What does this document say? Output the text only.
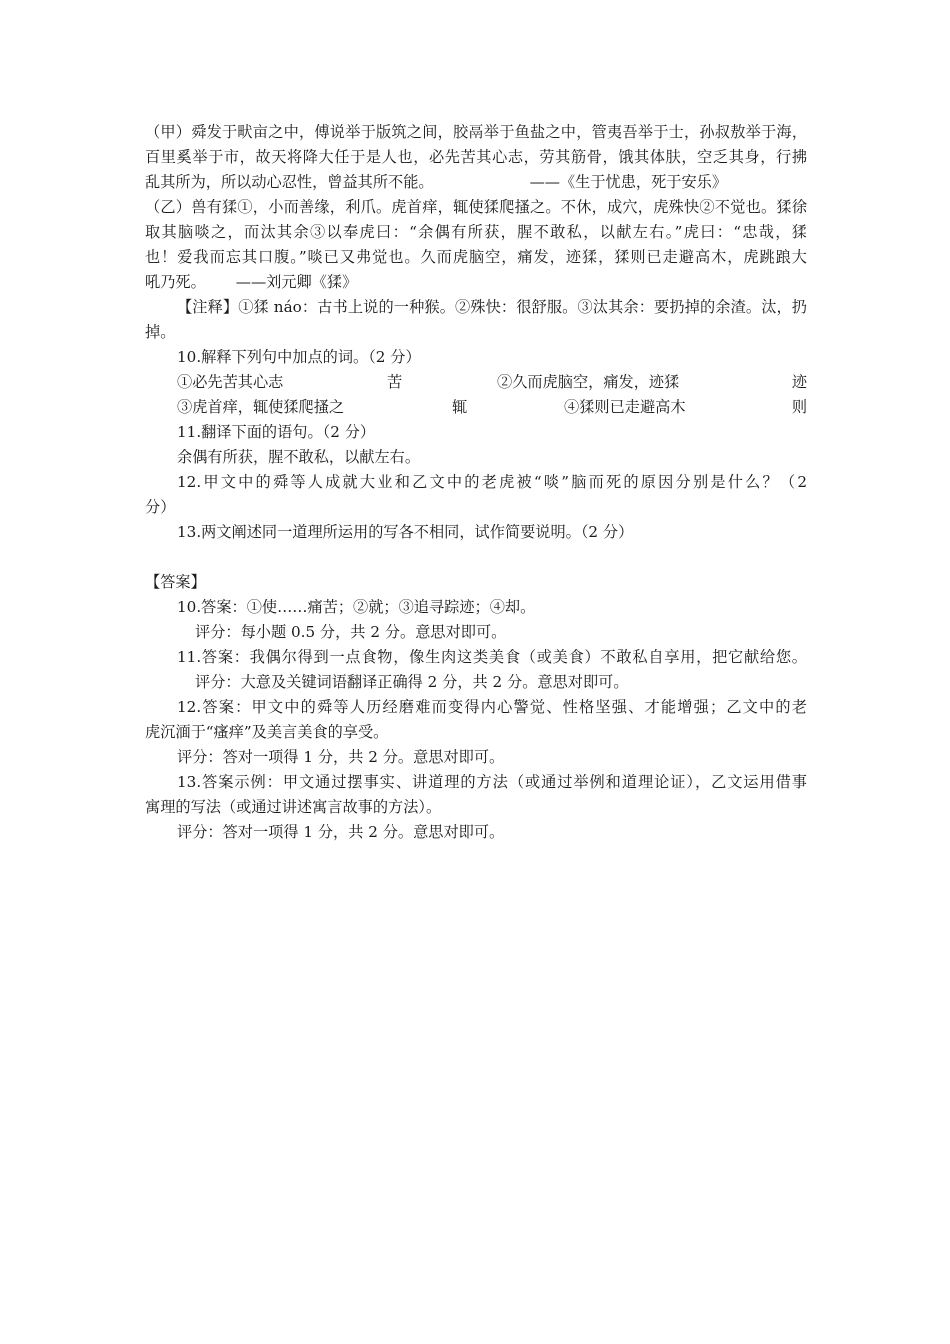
（甲）舜发于畎亩之中，傅说举于版筑之间，胶鬲举于鱼盐之中，管夷吾举于士，孙叔敖举于海，
百里奚举于市，故天将降大任于是人也，必先苦其心志，劳其筋骨，饿其体肤，空乏其身，行拂
乱其所为，所以动心忍性，曾益其所不能。	——《生于忧患，死于安乐》
（乙）兽有猱①，小而善缘，利爪。虎首痒，辄使猱爬搔之。不休，成穴，虎殊快②不觉也。猱徐
取其脑啖之，而汰其余③以奉虎曰：“余偶有所获，腥不敢私，以献左右。”虎曰：“忠哉，猱
也！爱我而忘其口腹。”啖已又弗觉也。久而虎脑空，痛发，迹猱，猱则已走避高木，虎跳踉大
吼乃死。 ——刘元卿《猱》
【注释】①猱 náo：古书上说的一种猴。②殊快：很舒服。③汰其余：要扔掉的余渣。汰，扔
掉。
10.解释下列句中加点的词。（2 分）
①必先苦其心志	苦	②久而虎脑空，痛发，迹猱	迹
③虎首痒，辄使猱爬搔之	辄	④猱则已走避高木	则
11.翻译下面的语句。（2 分）
余偶有所获，腥不敢私，以献左右。
12.甲文中的舜等人成就大业和乙文中的老虎被“啖”脑而死的原因分别是什么？（2
分）
13.两文阐述同一道理所运用的写各不相同，试作简要说明。（2 分）
【答案】
10.答案：①使……痛苦；②就；③追寻踪迹；④却。
评分：每小题 0.5 分，共 2 分。意思对即可。
11.答案：我偶尔得到一点食物，像生肉这类美食（或美食）不敢私自享用，把它献给您。
评分：大意及关键词语翻译正确得 2 分，共 2 分。意思对即可。
12.答案：甲文中的舜等人历经磨难而变得内心警觉、性格坚强、才能增强；乙文中的老
虎沉湎于“瘙痒”及美言美食的享受。
评分：答对一项得 1 分，共 2 分。意思对即可。
13.答案示例：甲文通过摆事实、讲道理的方法（或通过举例和道理论证），乙文运用借事
寓理的写法（或通过讲述寓言故事的方法）。
评分：答对一项得 1 分，共 2 分。意思对即可。
